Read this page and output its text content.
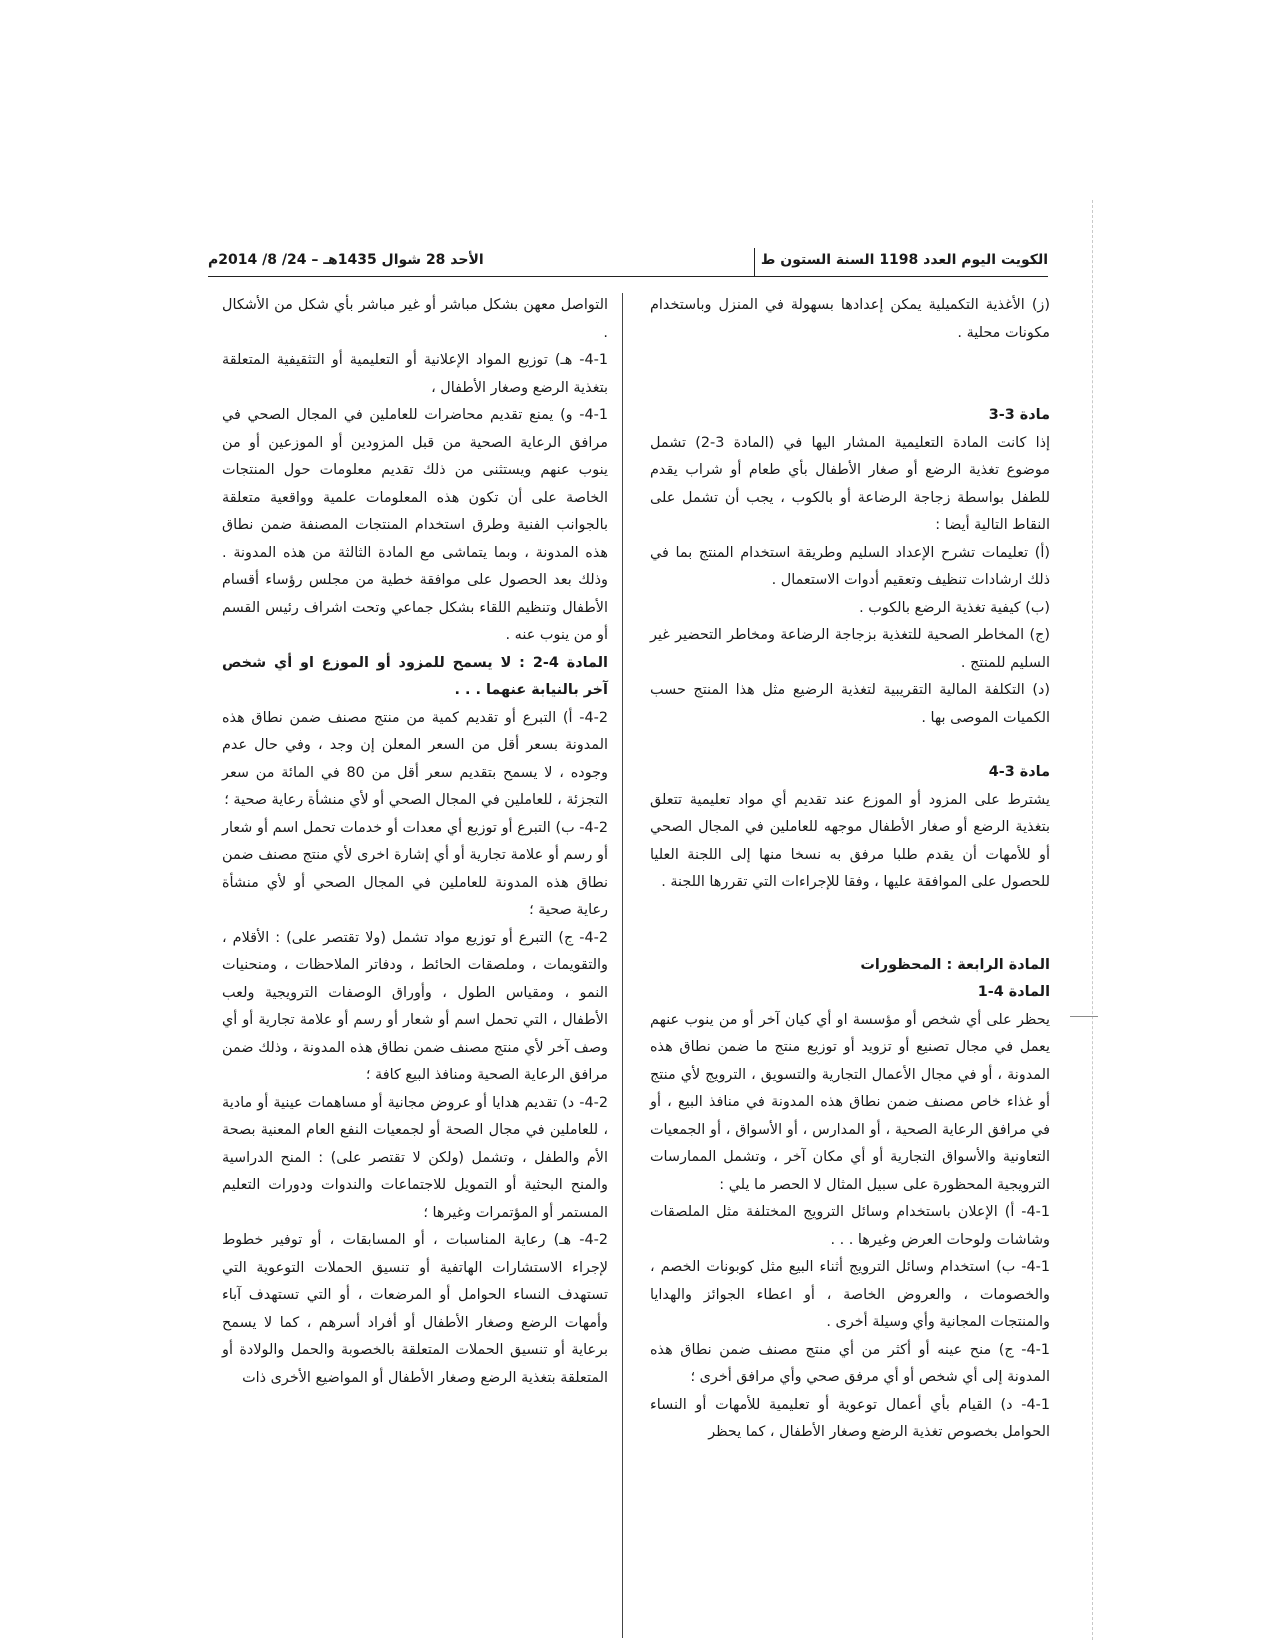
الكويت اليوم العدد 1198 السنة الستون ط
الأحد 28 شوال 1435هـ – 24/ 8/ 2014م

(ز) الأغذية التكميلية يمكن إعدادها بسهولة في المنزل وباستخدام مكونات محلية .

مادة 3-3

إذا كانت المادة التعليمية المشار اليها في (المادة 3-2) تشمل موضوع تغذية الرضع أو صغار الأطفال بأي طعام أو شراب يقدم للطفل بواسطة زجاجة الرضاعة أو بالكوب ، يجب أن تشمل على النقاط التالية أيضا :

(أ) تعليمات تشرح الإعداد السليم وطريقة استخدام المنتج بما في ذلك ارشادات تنظيف وتعقيم أدوات الاستعمال .

(ب) كيفية تغذية الرضع بالكوب .

(ج) المخاطر الصحية للتغذية بزجاجة الرضاعة ومخاطر التحضير غير السليم للمنتج .

(د) التكلفة المالية التقريبية لتغذية الرضيع مثل هذا المنتج حسب الكميات الموصى بها .

مادة 3-4

يشترط على المزود أو الموزع عند تقديم أي مواد تعليمية تتعلق بتغذية الرضع أو صغار الأطفال موجهه للعاملين في المجال الصحي أو للأمهات أن يقدم طلبا مرفق به نسخا منها إلى اللجنة العليا للحصول على الموافقة عليها ، وفقا للإجراءات التي تقررها اللجنة .

المادة الرابعة : المحظورات

المادة 4-1

يحظر على أي شخص أو مؤسسة او أي كيان آخر أو من ينوب عنهم يعمل في مجال تصنيع أو تزويد أو توزيع منتج ما ضمن نطاق هذه المدونة ، أو في مجال الأعمال التجارية والتسويق ، الترويج لأي منتج أو غذاء خاص مصنف ضمن نطاق هذه المدونة في منافذ البيع ، أو في مرافق الرعاية الصحية ، أو المدارس ، أو الأسواق ، أو الجمعيات التعاونية والأسواق التجارية أو أي مكان آخر ، وتشمل الممارسات الترويجية المحظورة على سبيل المثال لا الحصر ما يلي :

4-1- أ) الإعلان باستخدام وسائل الترويج المختلفة مثل الملصقات وشاشات ولوحات العرض وغيرها . . .

4-1- ب) استخدام وسائل الترويج أثناء البيع مثل كوبونات الخصم ، والخصومات ، والعروض الخاصة ، أو اعطاء الجوائز والهدايا والمنتجات المجانية وأي وسيلة أخرى .

4-1- ج) منح عينه أو أكثر من أي منتج مصنف ضمن نطاق هذه المدونة إلى أي شخص أو أي مرفق صحي وأي مرافق أخرى ؛

4-1- د) القيام بأي أعمال توعوية أو تعليمية للأمهات أو النساء الحوامل بخصوص تغذية الرضع وصغار الأطفال ، كما يحظر

التواصل معهن بشكل مباشر أو غير مباشر بأي شكل من الأشكال .

4-1- هـ) توزيع المواد الإعلانية أو التعليمية أو التثقيفية المتعلقة بتغذية الرضع وصغار الأطفال ،

4-1- و) يمنع تقديم محاضرات للعاملين في المجال الصحي في مرافق الرعاية الصحية من قبل المزودين أو الموزعين أو من ينوب عنهم ويستثنى من ذلك تقديم معلومات حول المنتجات الخاصة على أن تكون هذه المعلومات علمية وواقعية متعلقة بالجوانب الفنية وطرق استخدام المنتجات المصنفة ضمن نطاق هذه المدونة ، وبما يتماشى مع المادة الثالثة من هذه المدونة . وذلك بعد الحصول على موافقة خطية من مجلس رؤساء أقسام الأطفال وتنظيم اللقاء بشكل جماعي وتحت اشراف رئيس القسم أو من ينوب عنه .

المادة 4-2 : لا يسمح للمزود أو الموزع او أي شخص آخر بالنيابة عنهما . . .

4-2- أ) التبرع أو تقديم كمية من منتج مصنف ضمن نطاق هذه المدونة بسعر أقل من السعر المعلن إن وجد ، وفي حال عدم وجوده ، لا يسمح بتقديم سعر أقل من 80 في المائة من سعر التجزئة ، للعاملين في المجال الصحي أو لأي منشأة رعاية صحية ؛

4-2- ب) التبرع أو توزيع أي معدات أو خدمات تحمل اسم أو شعار أو رسم أو علامة تجارية أو أي إشارة اخرى لأي منتج مصنف ضمن نطاق هذه المدونة للعاملين في المجال الصحي أو لأي منشأة رعاية صحية ؛

4-2- ج) التبرع أو توزيع مواد تشمل (ولا تقتصر على) : الأقلام ، والتقويمات ، وملصقات الحائط ، ودفاتر الملاحظات ، ومنحنيات النمو ، ومقياس الطول ، وأوراق الوصفات الترويجية ولعب الأطفال ، التي تحمل اسم أو شعار أو رسم أو علامة تجارية أو أي وصف آخر لأي منتج مصنف ضمن نطاق هذه المدونة ، وذلك ضمن مرافق الرعاية الصحية ومنافذ البيع كافة ؛

4-2- د) تقديم هدايا أو عروض مجانية أو مساهمات عينية أو مادية ، للعاملين في مجال الصحة أو لجمعيات النفع العام المعنية بصحة الأم والطفل ، وتشمل (ولكن لا تقتصر على) : المنح الدراسية والمنح البحثية أو التمويل للاجتماعات والندوات ودورات التعليم المستمر أو المؤتمرات وغيرها ؛

4-2- هـ) رعاية المناسبات ، أو المسابقات ، أو توفير خطوط لإجراء الاستشارات الهاتفية أو تنسيق الحملات التوعوية التي تستهدف النساء الحوامل أو المرضعات ، أو التي تستهدف آباء وأمهات الرضع وصغار الأطفال أو أفراد أسرهم ، كما لا يسمح برعاية أو تنسيق الحملات المتعلقة بالخصوبة والحمل والولادة أو المتعلقة بتغذية الرضع وصغار الأطفال أو المواضيع الأخرى ذات
